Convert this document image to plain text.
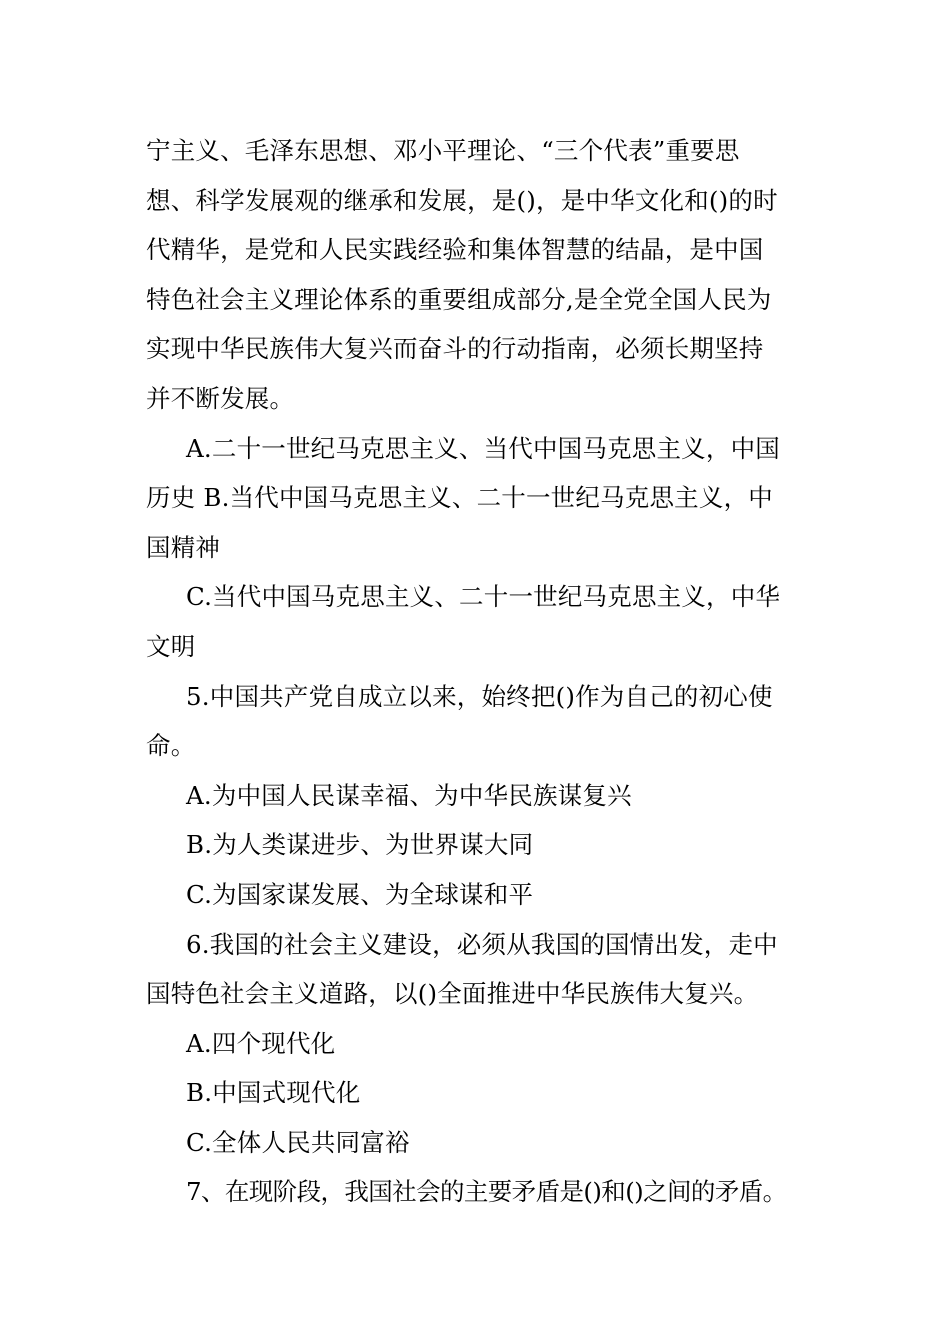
宁主义、毛泽东思想、邓小平理论、“三个代表”重要思
想、科学发展观的继承和发展，是()，是中华文化和()的时
代精华，是党和人民实践经验和集体智慧的结晶，是中国
特色社会主义理论体系的重要组成部分,是全党全国人民为
实现中华民族伟大复兴而奋斗的行动指南，必须长期坚持
并不断发展。
A.二十一世纪马克思主义、当代中国马克思主义，中国
历史 B.当代中国马克思主义、二十一世纪马克思主义，中
国精神
C.当代中国马克思主义、二十一世纪马克思主义，中华
文明
5.中国共产党自成立以来，始终把()作为自己的初心使
命。
A.为中国人民谋幸福、为中华民族谋复兴
B.为人类谋进步、为世界谋大同
C.为国家谋发展、为全球谋和平
6.我国的社会主义建设，必须从我国的国情出发，走中
国特色社会主义道路，以()全面推进中华民族伟大复兴。
A.四个现代化
B.中国式现代化
C.全体人民共同富裕
7、在现阶段，我国社会的主要矛盾是()和()之间的矛盾。
